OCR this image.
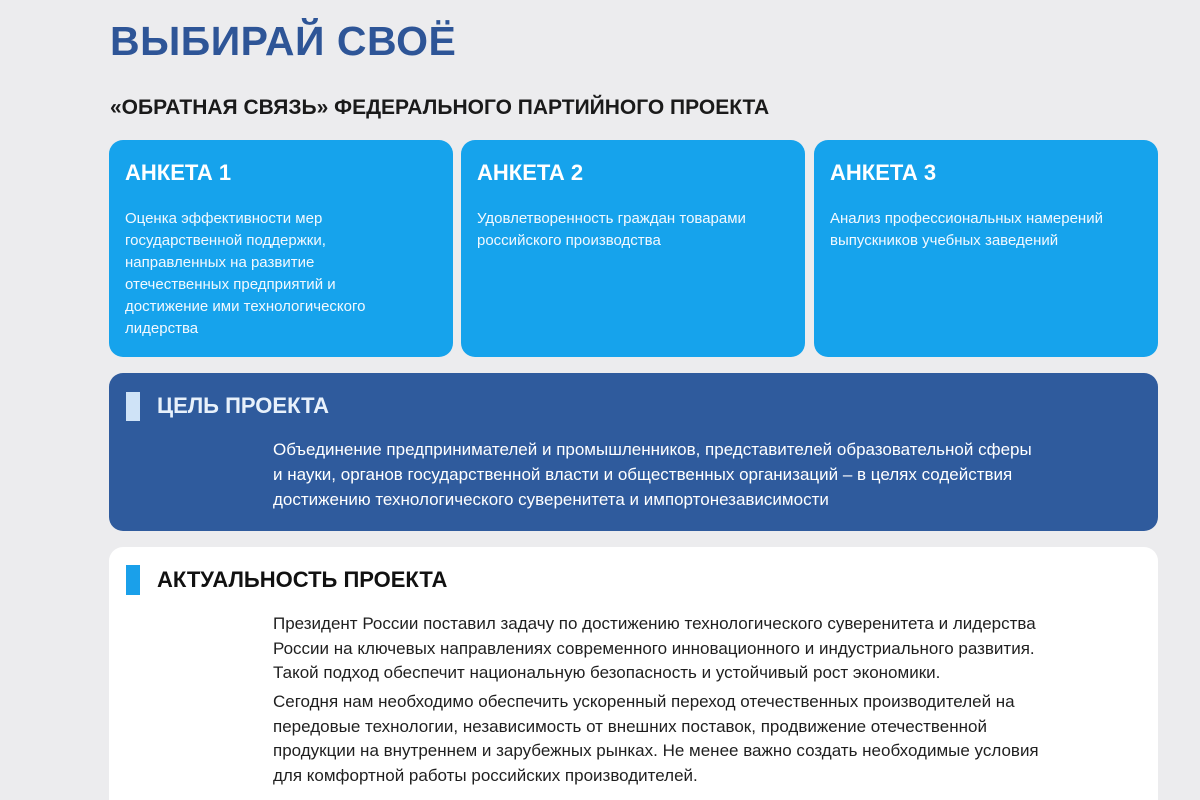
ВЫБИРАЙ СВОЁ
«ОБРАТНАЯ СВЯЗЬ» ФЕДЕРАЛЬНОГО ПАРТИЙНОГО ПРОЕКТА
АНКЕТА 1
Оценка эффективности мер
государственной поддержки,
направленных на развитие
отечественных предприятий и
достижение ими технологического
лидерства
АНКЕТА 2
Удовлетворенность граждан товарами
российского производства
АНКЕТА 3
Анализ профессиональных намерений
выпускников учебных заведений
ЦЕЛЬ ПРОЕКТА
Объединение предпринимателей и промышленников, представителей образовательной сферы
и науки, органов государственной власти и общественных организаций – в целях содействия
достижению технологического суверенитета и импортонезависимости
АКТУАЛЬНОСТЬ ПРОЕКТА
Президент России поставил задачу по достижению технологического суверенитета и лидерства
России на ключевых направлениях современного инновационного и индустриального развития.
Такой подход обеспечит национальную безопасность и устойчивый рост экономики.
Сегодня нам необходимо обеспечить ускоренный переход отечественных производителей на
передовые технологии, независимость от внешних поставок, продвижение отечественной
продукции на внутреннем и зарубежных рынках. Не менее важно создать необходимые условия
для комфортной работы российских производителей.
